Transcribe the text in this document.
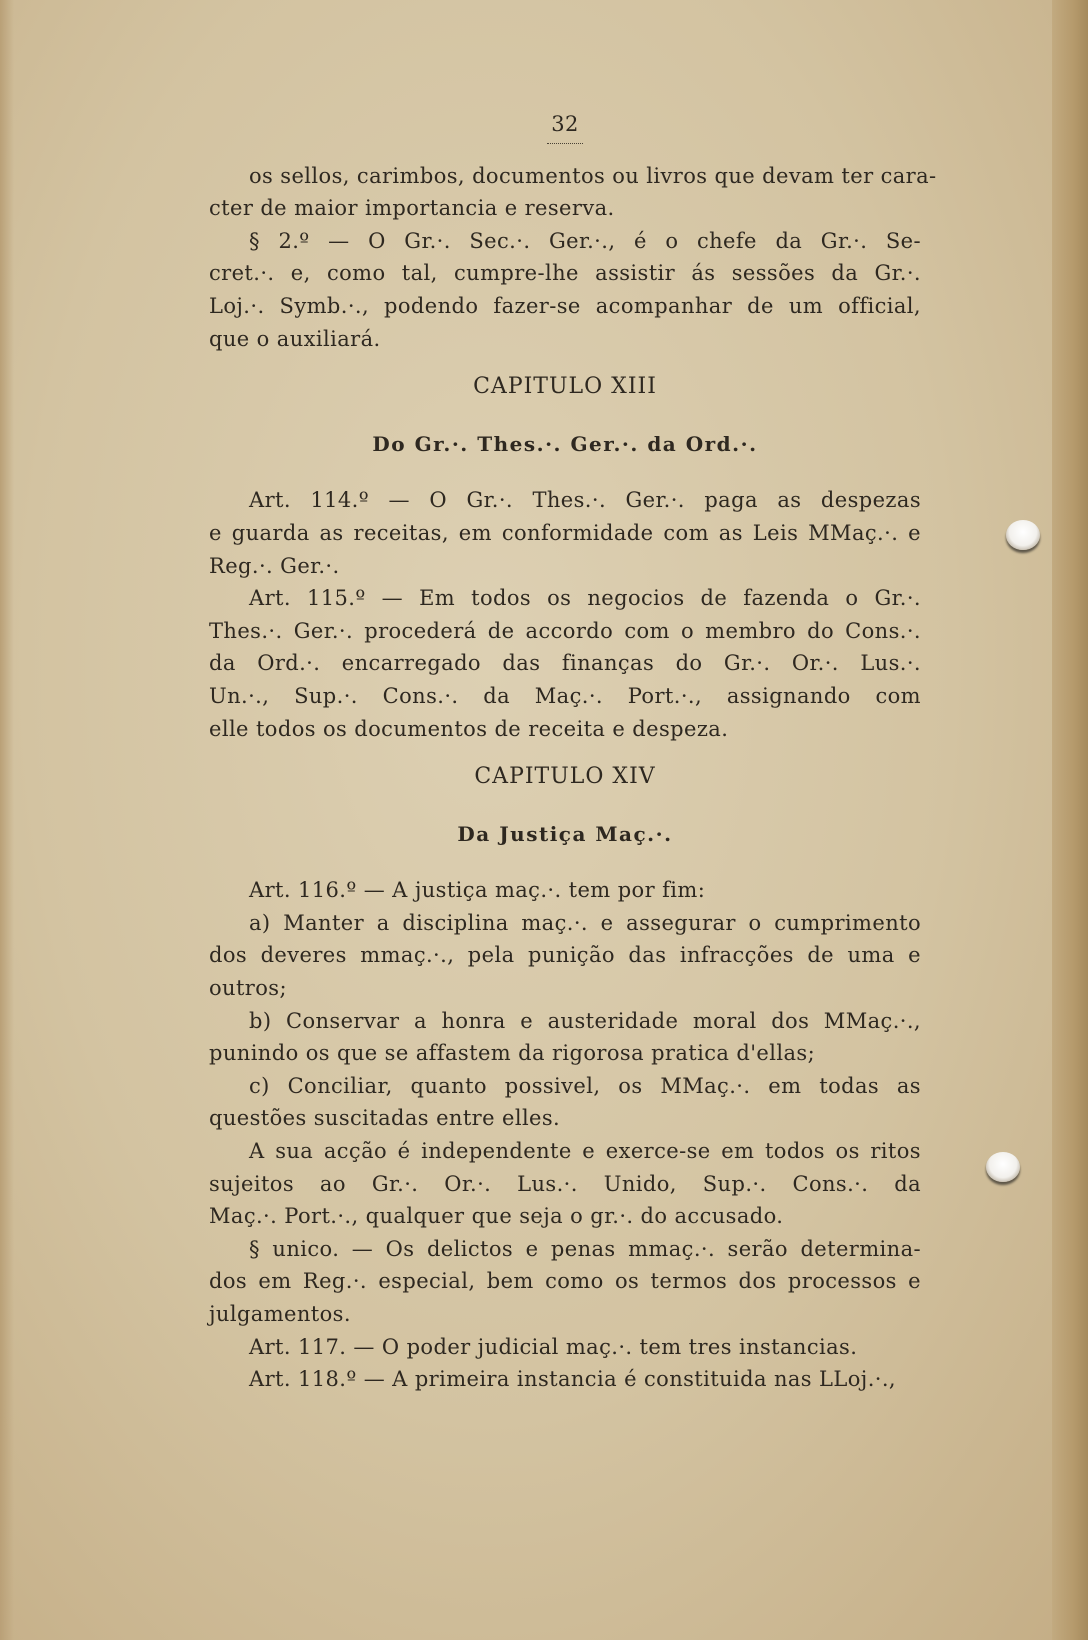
32
os sellos, carimbos, documentos ou livros que devam ter cara-
cter de maior importancia e reserva.
§ 2.º — O Gr.·. Sec.·. Ger.·., é o chefe da Gr.·. Se-
cret.·. e, como tal, cumpre-lhe assistir ás sessões da Gr.·.
Loj.·. Symb.·., podendo fazer-se acompanhar de um official,
que o auxiliará.
CAPITULO XIII
Do Gr.·. Thes.·. Ger.·. da Ord.·.
Art. 114.º — O Gr.·. Thes.·. Ger.·. paga as despezas
e guarda as receitas, em conformidade com as Leis MMaç.·. e
Reg.·. Ger.·.
Art. 115.º — Em todos os negocios de fazenda o Gr.·.
Thes.·. Ger.·. procederá de accordo com o membro do Cons.·.
da Ord.·. encarregado das finanças do Gr.·. Or.·. Lus.·.
Un.·., Sup.·. Cons.·. da Maç.·. Port.·., assignando com
elle todos os documentos de receita e despeza.
CAPITULO XIV
Da Justiça Maç.·.
Art. 116.º — A justiça maç.·. tem por fim:
a) Manter a disciplina maç.·. e assegurar o cumprimento
dos deveres mmaç.·., pela punição das infracções de uma e
outros;
b) Conservar a honra e austeridade moral dos MMaç.·.,
punindo os que se affastem da rigorosa pratica d'ellas;
c) Conciliar, quanto possivel, os MMaç.·. em todas as
questões suscitadas entre elles.
A sua acção é independente e exerce-se em todos os ritos
sujeitos ao Gr.·. Or.·. Lus.·. Unido, Sup.·. Cons.·. da
Maç.·. Port.·., qualquer que seja o gr.·. do accusado.
§ unico. — Os delictos e penas mmaç.·. serão determina-
dos em Reg.·. especial, bem como os termos dos processos e
julgamentos.
Art. 117. — O poder judicial maç.·. tem tres instancias.
Art. 118.º — A primeira instancia é constituida nas LLoj.·.,
